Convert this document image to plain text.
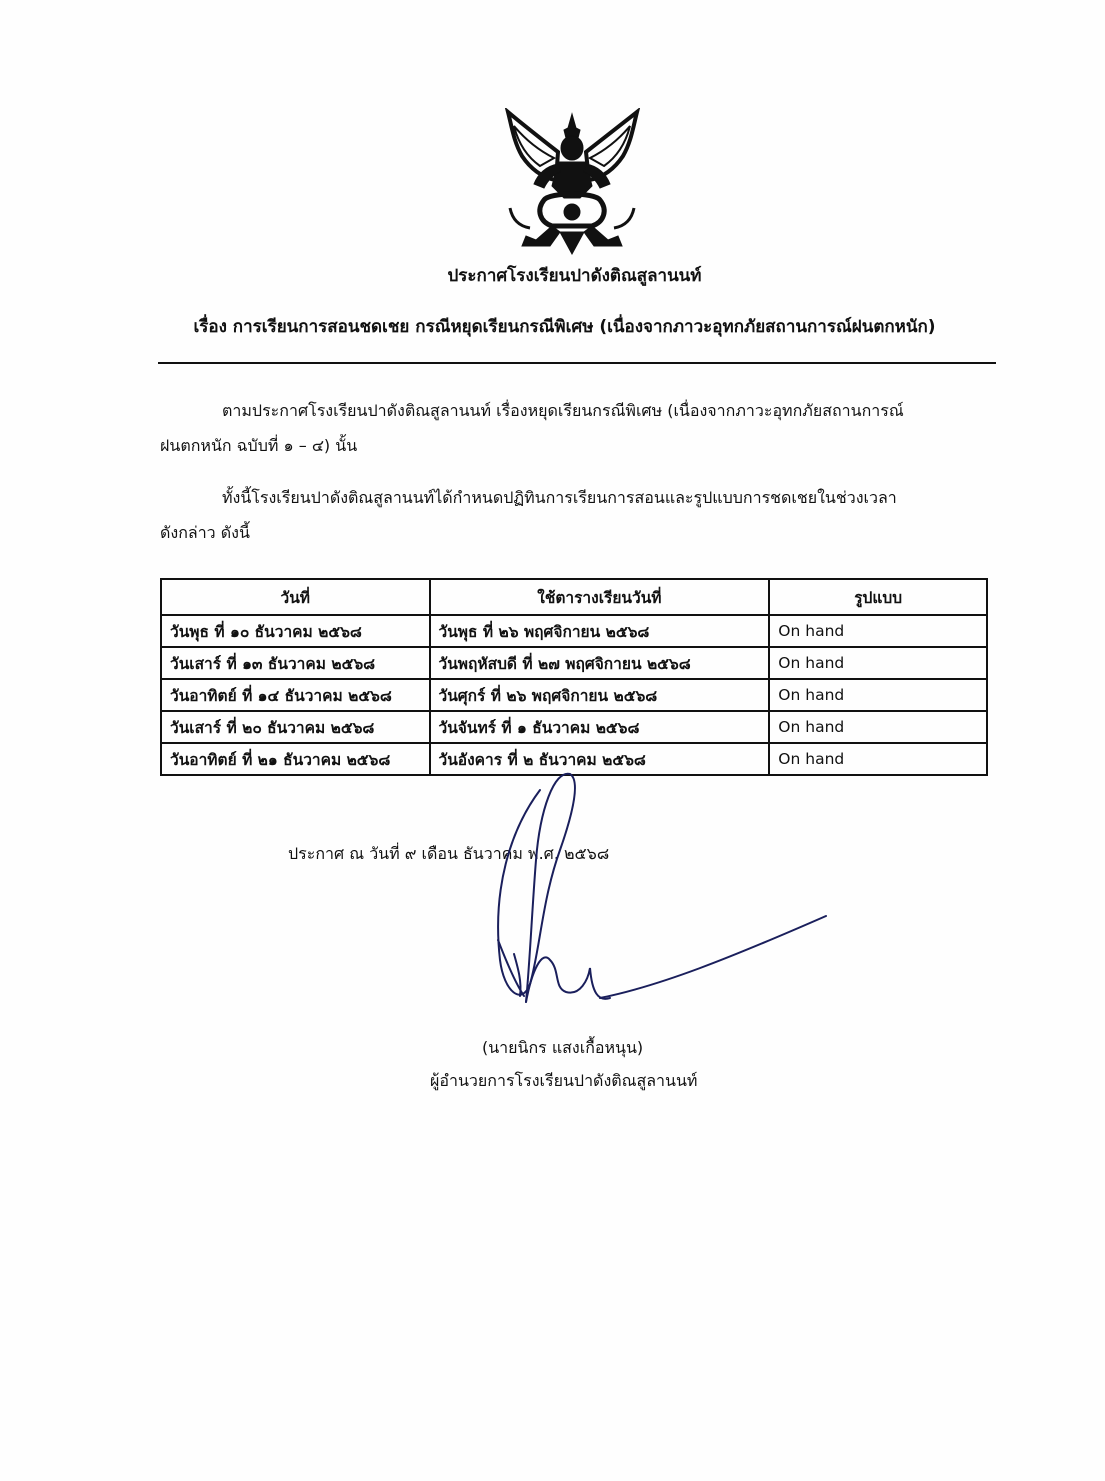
ประกาศโรงเรียนปาดังติณสูลานนท์
เรื่อง การเรียนการสอนชดเชย กรณีหยุดเรียนกรณีพิเศษ (เนื่องจากภาวะอุทกภัยสถานการณ์ฝนตกหนัก)
ตามประกาศโรงเรียนปาดังติณสูลานนท์ เรื่องหยุดเรียนกรณีพิเศษ (เนื่องจากภาวะอุทกภัยสถานการณ์
ฝนตกหนัก ฉบับที่ ๑ – ๔) นั้น
ทั้งนี้โรงเรียนปาดังติณสูลานนท์ได้กำหนดปฏิทินการเรียนการสอนและรูปแบบการชดเชยในช่วงเวลา
ดังกล่าว ดังนี้
วันที่	ใช้ตารางเรียนวันที่	รูปแบบ
วันพุธ ที่ ๑๐ ธันวาคม ๒๕๖๘	วันพุธ ที่ ๒๖ พฤศจิกายน ๒๕๖๘	On hand
วันเสาร์ ที่ ๑๓ ธันวาคม ๒๕๖๘	วันพฤหัสบดี ที่ ๒๗ พฤศจิกายน ๒๕๖๘	On hand
วันอาทิตย์ ที่ ๑๔ ธันวาคม ๒๕๖๘	วันศุกร์ ที่ ๒๖ พฤศจิกายน ๒๕๖๘	On hand
วันเสาร์ ที่ ๒๐ ธันวาคม ๒๕๖๘	วันจันทร์ ที่ ๑ ธันวาคม ๒๕๖๘	On hand
วันอาทิตย์ ที่ ๒๑ ธันวาคม ๒๕๖๘	วันอังคาร ที่ ๒ ธันวาคม ๒๕๖๘	On hand
ประกาศ ณ วันที่ ๙ เดือน ธันวาคม พ.ศ. ๒๕๖๘
(นายนิกร แสงเกื้อหนุน)
ผู้อำนวยการโรงเรียนปาดังติณสูลานนท์
